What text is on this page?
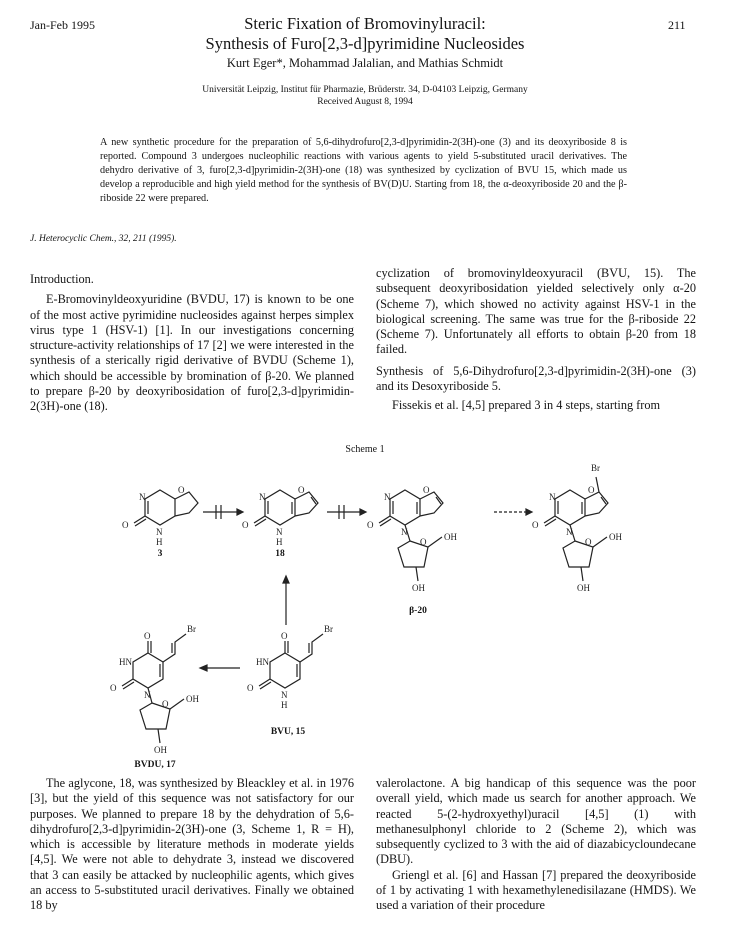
Jan-Feb 1995	211
Steric Fixation of Bromovinyluracil:
Synthesis of Furo[2,3-d]pyrimidine Nucleosides
Kurt Eger*, Mohammad Jalalian, and Mathias Schmidt
Universität Leipzig, Institut für Pharmazie, Brüderstr. 34, D-04103 Leipzig, Germany
Received August 8, 1994
A new synthetic procedure for the preparation of 5,6-dihydrofuro[2,3-d]pyrimidin-2(3H)-one (3) and its deoxyriboside 8 is reported. Compound 3 undergoes nucleophilic reactions with various agents to yield 5-substituted uracil derivatives. The dehydro derivative of 3, furo[2,3-d]pyrimidin-2(3H)-one (18) was synthesized by cyclization of BVU 15, which made us develop a reproducible and high yield method for the synthesis of BV(D)U. Starting from 18, the α-deoxyriboside 20 and the β-riboside 22 were prepared.
J. Heterocyclic Chem., 32, 211 (1995).

Introduction.

E-Bromovinyldeoxyuridine (BVDU, 17) is known to be one of the most active pyrimidine nucleosides against herpes simplex virus type 1 (HSV-1) [1]. In our investigations concerning structure-activity relationships of 17 [2] we were interested in the synthesis of a sterically rigid derivative of BVDU (Scheme 1), which should be accessible by bromination of β-20. We planned to prepare β-20 by deoxyribosidation of furo[2,3-d]pyrimidin-2(3H)-one (18).

cyclization of bromovinyldeoxyuracil (BVU, 15). The subsequent deoxyribosidation yielded selectively only α-20 (Scheme 7), which showed no activity against HSV-1 in the biological screening. The same was true for the β-riboside 22 (Scheme 7). Unfortunately all efforts to obtain β-20 from 18 failed.

Synthesis of 5,6-Dihydrofuro[2,3-d]pyrimidin-2(3H)-one (3) and its Desoxyriboside 5.

Fissekis et al. [4,5] prepared 3 in 4 steps, starting from

Scheme 1
N
N
H
O
O
N
N
H
O
O
N
N
O
O
O OH
OH
Br
N
N
O
O
O OH
OH
O
Br
HN
O
N
H
O
Br
HN
O
N
O OH
OH
3	18
β-20
BVU, 15
BVDU, 17

The aglycone, 18, was synthesized by Bleackley et al. in 1976 [3], but the yield of this sequence was not satisfactory for our purposes. We planned to prepare 18 by the dehydration of 5,6-dihydrofuro[2,3-d]pyrimidin-2(3H)-one (3, Scheme 1, R = H), which is accessible by literature methods in moderate yields [4,5]. We were not able to dehydrate 3, instead we discovered that 3 can easily be attacked by nucleophilic agents, which gives an access to 5-substituted uracil derivatives. Finally we obtained 18 by

valerolactone. A big handicap of this sequence was the poor overall yield, which made us search for another approach. We reacted 5-(2-hydroxyethyl)uracil [4,5] (1) with methanesulphonyl chloride to 2 (Scheme 2), which was subsequently cyclized to 3 with the aid of diazabicycloundecane (DBU).

Griengl et al. [6] and Hassan [7] prepared the deoxyriboside of 1 by activating 1 with hexamethylenedisilazane (HMDS). We used a variation of their procedure
